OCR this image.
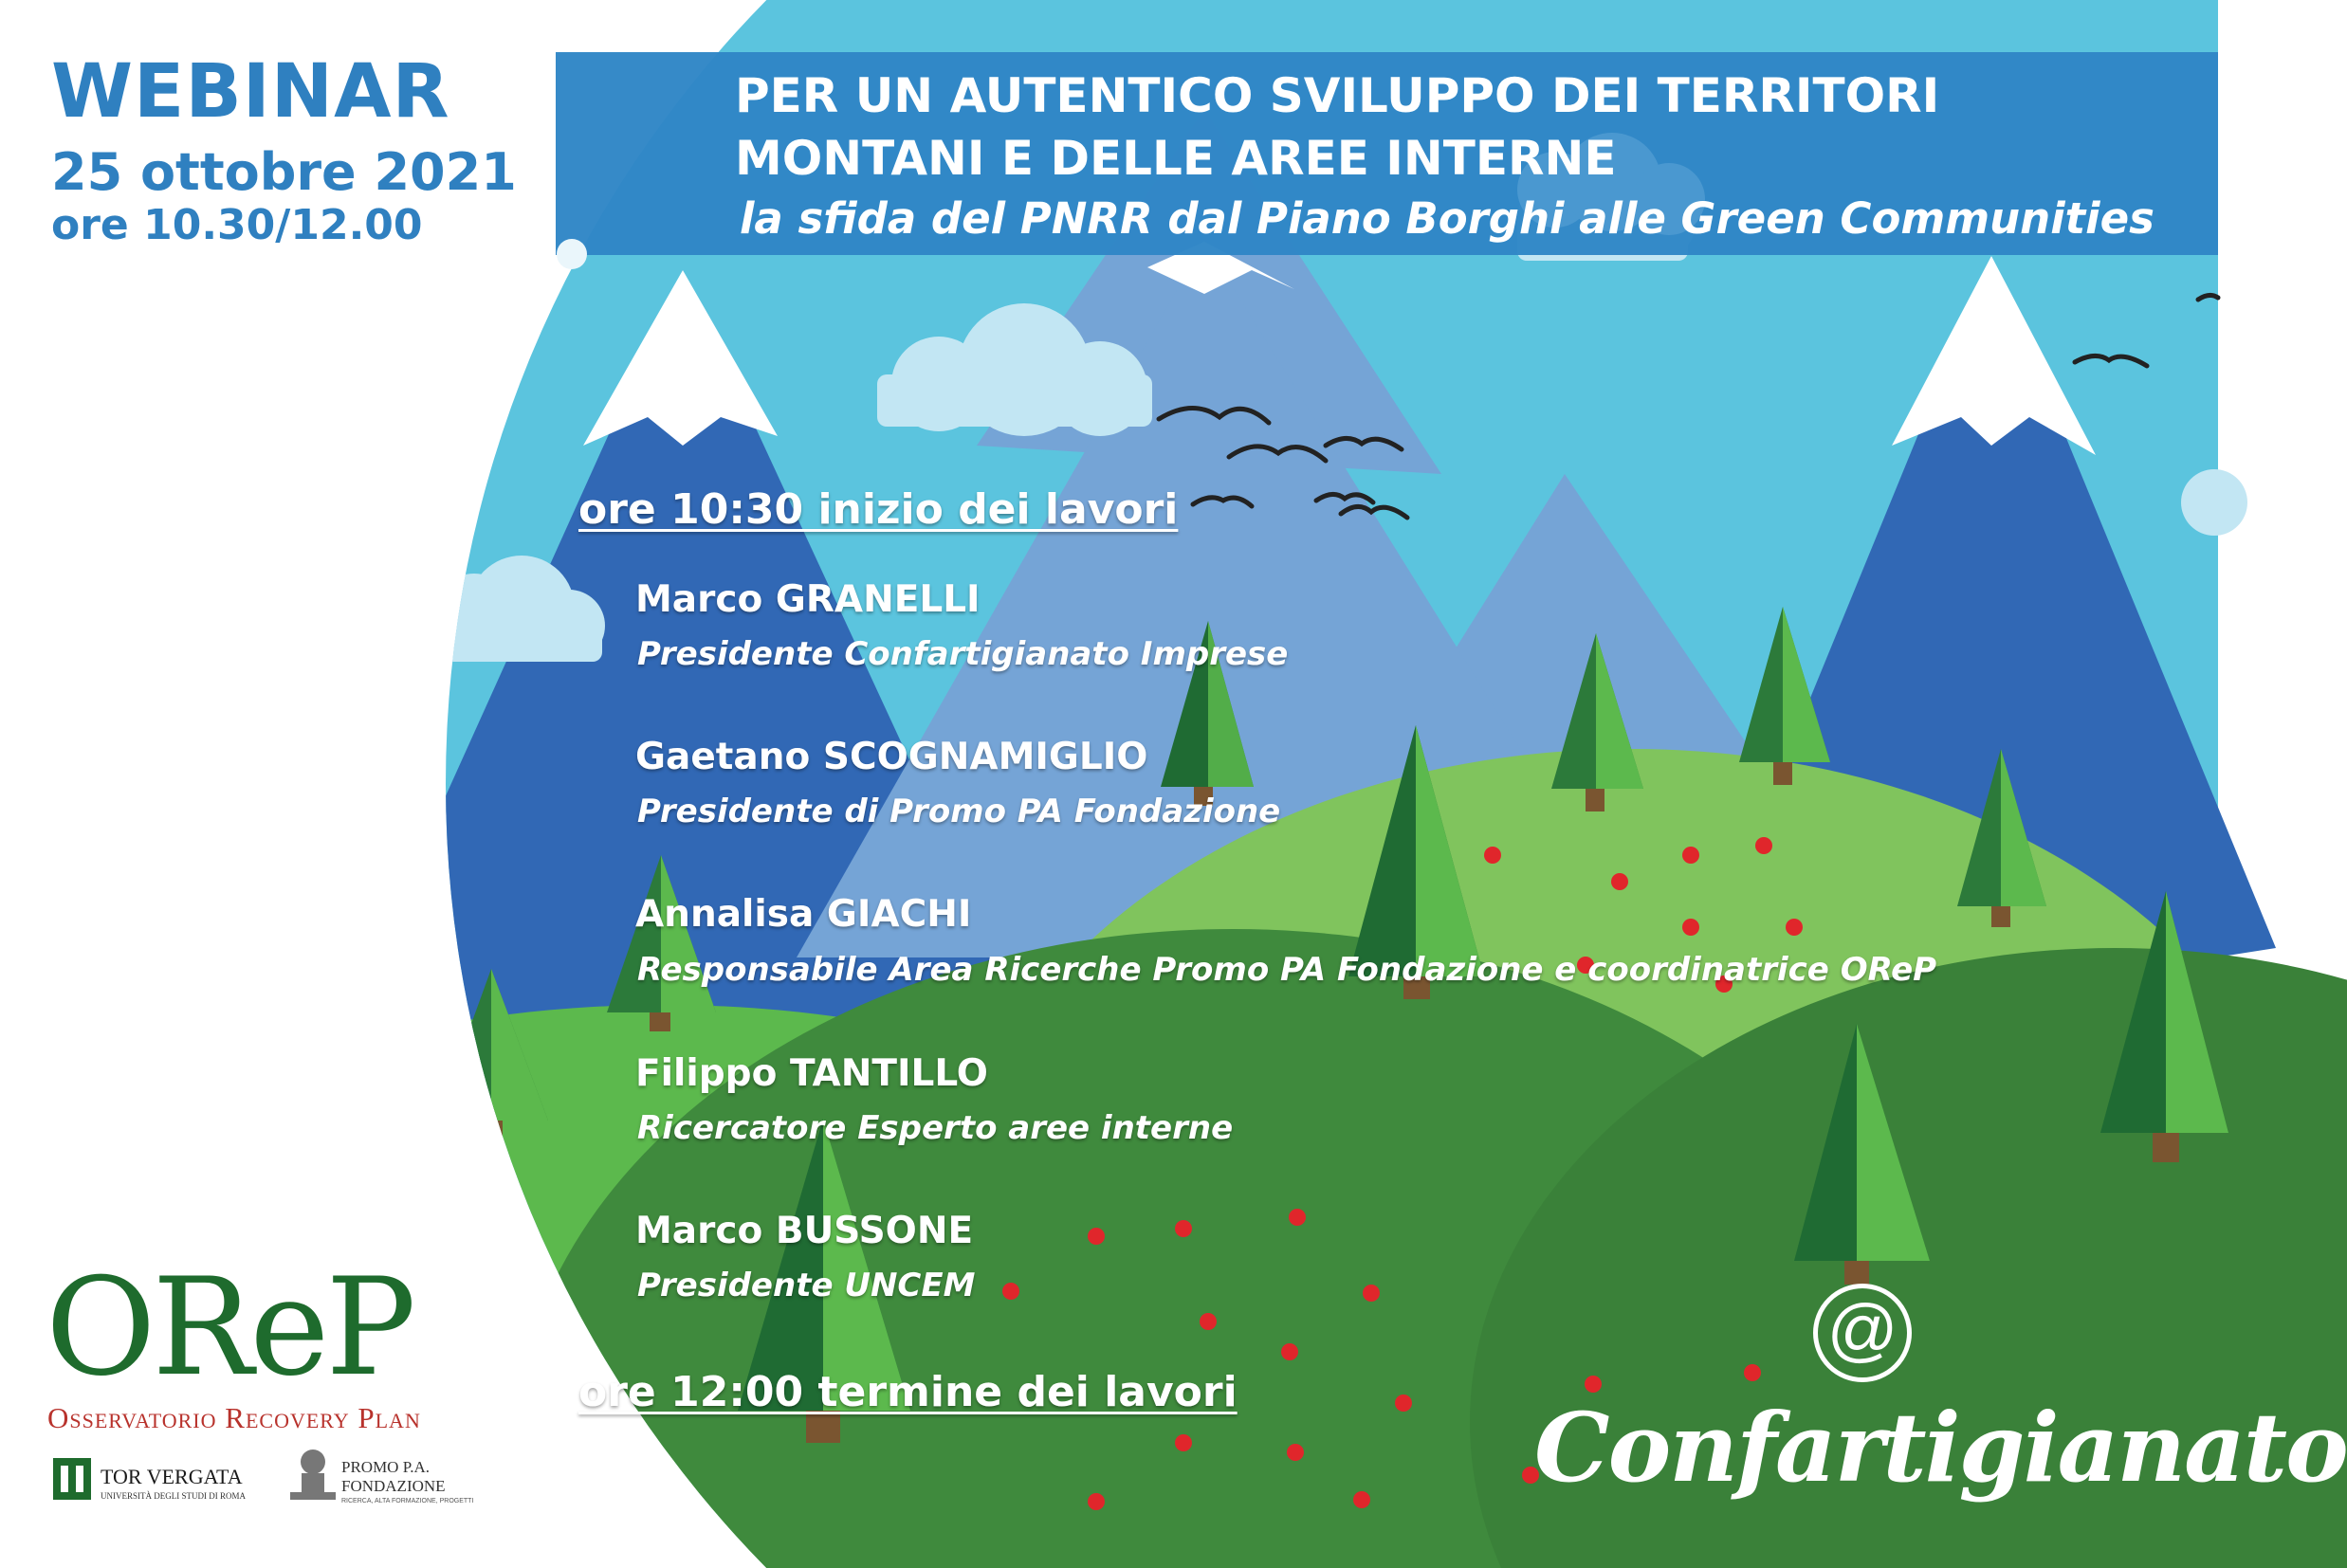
WEBINAR
25 ottobre 2021
ore 10.30/12.00
PER UN AUTENTICO SVILUPPO DEI TERRITORI
MONTANI E DELLE AREE INTERNE
la sfida del PNRR dal Piano Borghi alle Green Communities
ore 10:30 inizio dei lavori
Marco GRANELLI
Presidente Confartigianato Imprese
Gaetano SCOGNAMIGLIO
Presidente di Promo PA Fondazione
Annalisa GIACHI
Responsabile Area Ricerche Promo PA Fondazione e coordinatrice OReP
Filippo TANTILLO
Ricercatore Esperto aree interne
Marco BUSSONE
Presidente UNCEM
ore 12:00 termine dei lavori
OReP
Osservatorio Recovery Plan
TOR VERGATA
UNIVERSITÀ DEGLI STUDI DI ROMA
PROMO P.A.
FONDAZIONE
RICERCA, ALTA FORMAZIONE, PROGETTI
@
Confartigianato
